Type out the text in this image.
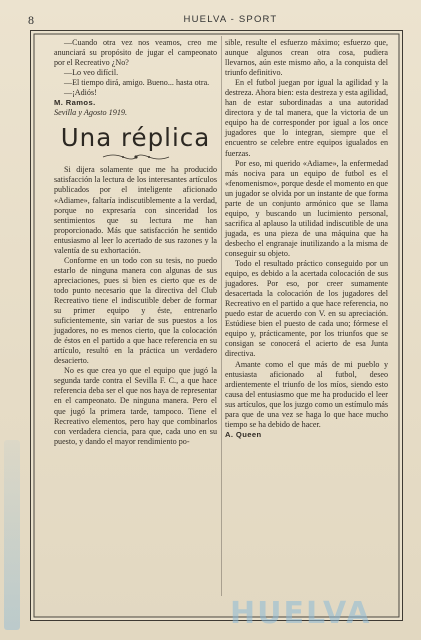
8	HUELVA - SPORT

—Cuando otra vez nos veamos, creo me anunciará su propósito de jugar el campeonato por el Recreativo ¿No?

—Lo veo difícil.

—El tiempo dirá, amigo. Bueno... hasta otra.

—¡Adiós!

M. Ramos.

Sevilla y Agosto 1919.

Una réplica

Si dijera solamente que me ha producido satisfacción la lectura de los interesantes artículos publicados por el inteligente aficionado «Adiame», faltaría indiscutiblemente a la verdad, porque no expresaría con sinceridad los sentimientos que su lectura me han proporcionado. Más que satisfacción he sentido entusiasmo al leer lo acertado de sus razones y la valentía de su exhortación.

Conforme en un todo con su tesis, no puedo estarlo de ninguna manera con algunas de sus apreciaciones, pues si bien es cierto que es de todo punto necesario que la directiva del Club Recreativo tiene el indiscutible deber de formar su primer equipo y éste, entrenarlo suficientemente, sin variar de sus puestos a los jugadores, no es menos cierto, que la colocación de éstos en el partido a que hace referencia en su artículo, resultó en la práctica un verdadero desacierto.

No es que crea yo que el equipo que jugó la segunda tarde contra el Sevilla F. C., a que hace referencia deba ser el que nos haya de representar en el campeonato. De ninguna manera. Pero el que jugó la primera tarde, tampoco. Tiene el Recreativo elementos, pero hay que combinarlos con verdadera ciencia, para que, cada uno en su puesto, y dando el mayor rendimiento po-

sible, resulte el esfuerzo máximo; esfuerzo que, aunque algunos crean otra cosa, pudiera llevarnos, aún este mismo año, a la conquista del triunfo definitivo.

En el futbol juegan por igual la agilidad y la destreza. Ahora bien: esta destreza y esta agilidad, han de estar subordinadas a una autoridad directora y de tal manera, que la victoria de un equipo ha de corresponder por igual a los once jugadores que lo integran, siempre que el encuentro se celebre entre equipos igualados en fuerzas.

Por eso, mi querido «Adiame», la enfermedad más nociva para un equipo de futbol es el «fenomenismo», porque desde el momento en que un jugador se olvida por un instante de que forma parte de un conjunto armónico que se llama equipo, y buscando un lucimiento personal, sacrifica al aplauso la utilidad indiscutible de una jugada, es una pieza de una máquina que ha desbecho el engranaje inutilizando a la misma de conseguir su objeto.

Todo el resultado práctico conseguido por un equipo, es debido a la acertada colocación de sus jugadores. Por eso, por creer sumamente desacertada la colocación de los jugadores del Recreativo en el partido a que hace referencia, no puedo estar de acuerdo con V. en su apreciación. Estúdiese bien el puesto de cada uno; fórmese el equipo y, prácticamente, por los triunfos que se consigan se conocerá el acierto de esa Junta directiva.

Amante como el que más de mi pueblo y entusiasta aficionado al futbol, deseo ardientemente el triunfo de los míos, siendo esto causa del entusiasmo que me ha producido el leer sus artículos, que los juzgo como un estímulo más para que de una vez se haga lo que hace mucho tiempo se ha debido de hacer.

A. Queen

HUELVA
